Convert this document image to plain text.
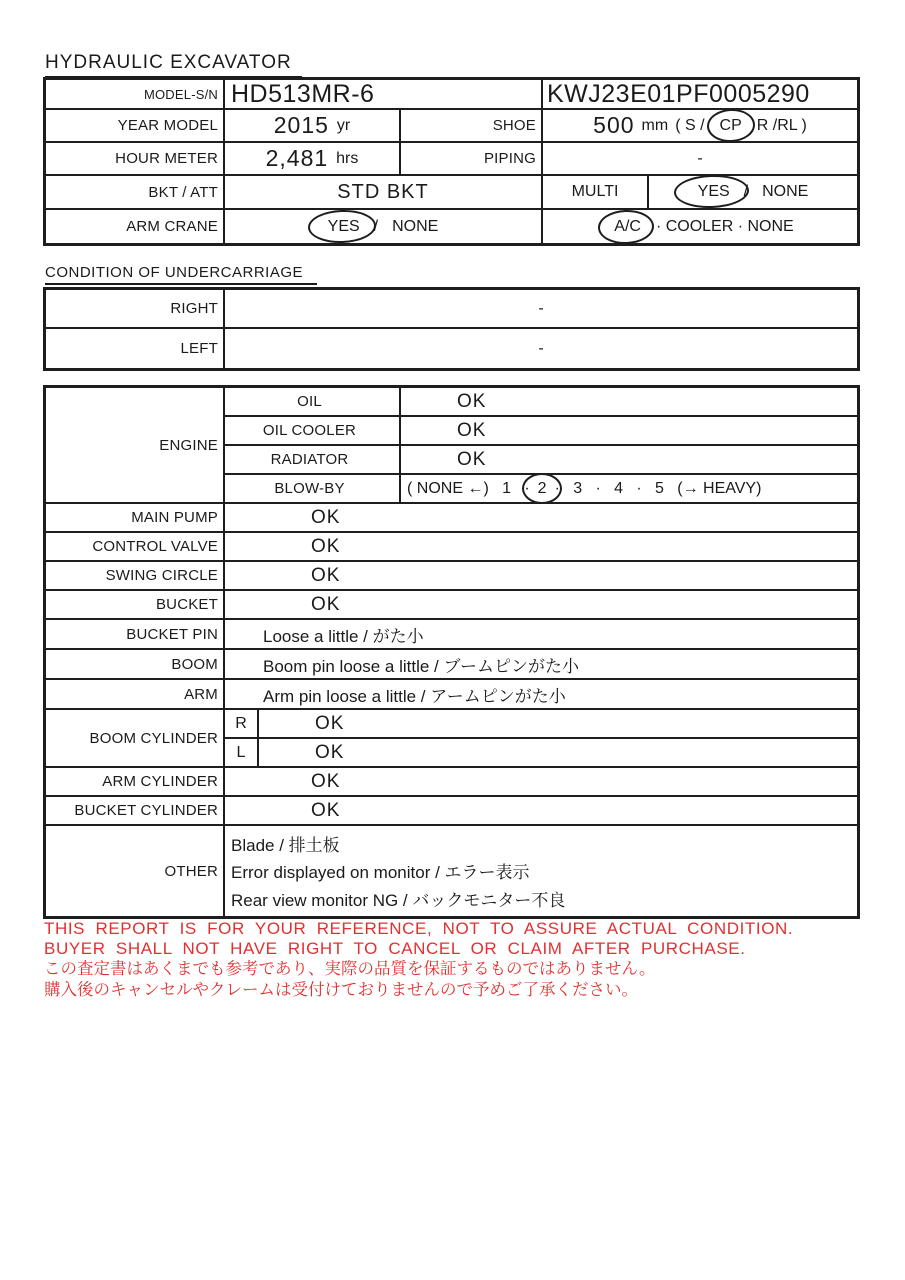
HYDRAULIC EXCAVATOR
MODEL-S/N HD513MR-6	KWJ23E01PF0005290
YEAR MODEL	2015 yr	SHOE	500 mm ( S / CP R /RL )
HOUR METER	2,481 hrs	PIPING	-
BKT / ATT	STD BKT	MULTI	YES / NONE
ARM CRANE	YES / NONE	A/C · COOLER · NONE
CONDITION OF UNDERCARRIAGE
RIGHT	-
LEFT	-
ENGINE
OIL	OK
OIL COOLER	OK
RADIATOR	OK
BLOW-BY	( NONE ←)   1   · 2 ·   3   ·   4   ·   5   (→ HEAVY)
MAIN PUMP	OK
CONTROL VALVE	OK
SWING CIRCLE	OK
BUCKET	OK
BUCKET PIN	Loose a little / がた小
BOOM	Boom pin loose a little / ブームピンがた小
ARM	Arm pin loose a little / アームピンがた小
BOOM CYLINDER
R	OK
L	OK
ARM CYLINDER	OK
BUCKET CYLINDER	OK
OTHER
Blade / 排土板
Error displayed on monitor / エラー表示
Rear view monitor NG / バックモニター不良
THIS REPORT IS FOR YOUR REFERENCE, NOT TO ASSURE ACTUAL CONDITION.
BUYER SHALL NOT HAVE RIGHT TO CANCEL OR CLAIM AFTER PURCHASE.
この査定書はあくまでも参考であり、実際の品質を保証するものではありません。
購入後のキャンセルやクレームは受付けておりませんので予めご了承ください。
